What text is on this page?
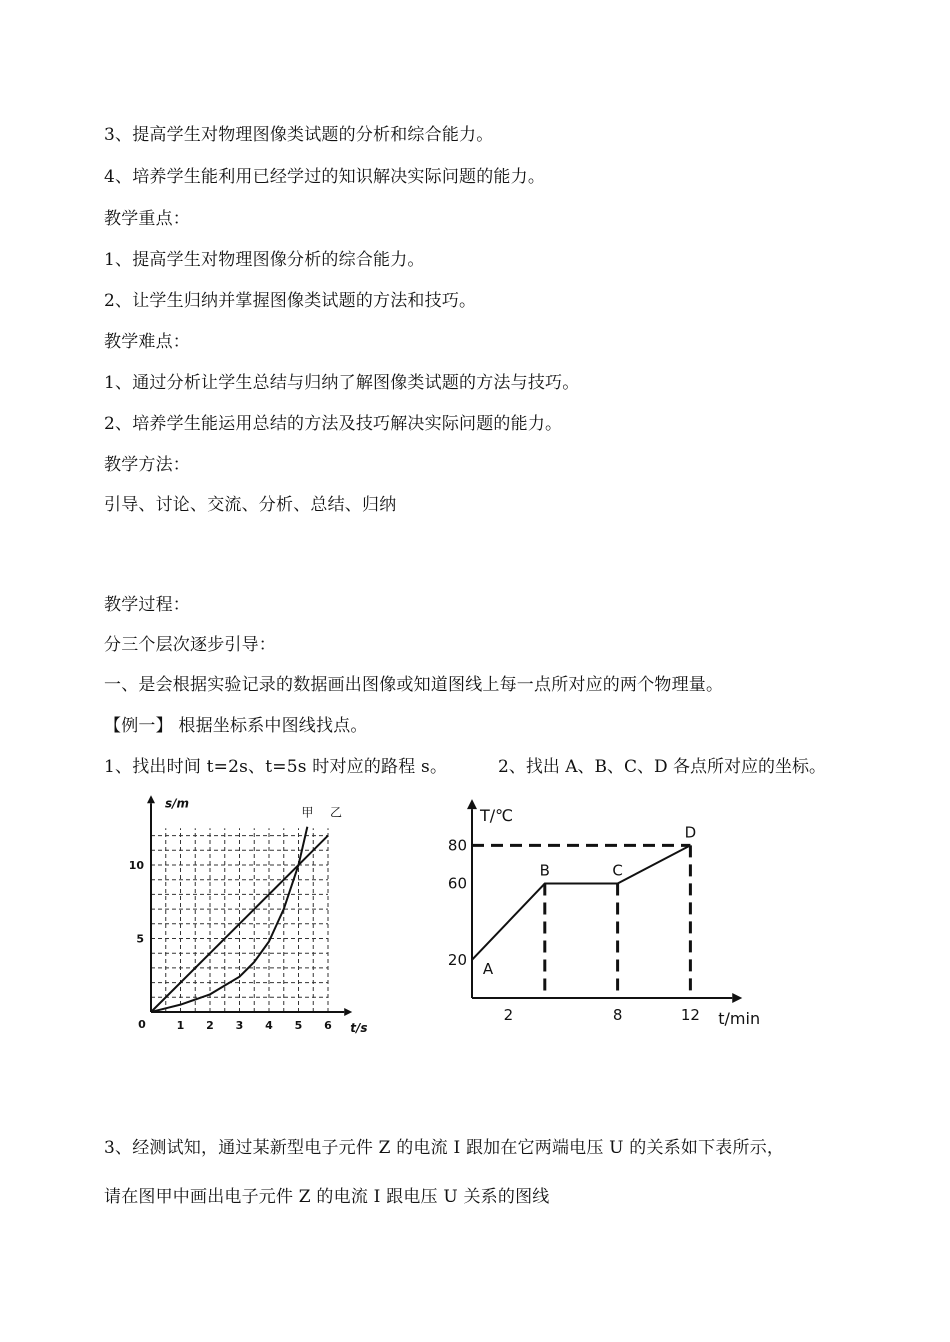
3、提高学生对物理图像类试题的分析和综合能力。
4、培养学生能利用已经学过的知识解决实际问题的能力。
教学重点：
1、提高学生对物理图像分析的综合能力。
2、让学生归纳并掌握图像类试题的方法和技巧。
教学难点：
1、通过分析让学生总结与归纳了解图像类试题的方法与技巧。
2、培养学生能运用总结的方法及技巧解决实际问题的能力。
教学方法：
引导、讨论、交流、分析、总结、归纳
教学过程：
分三个层次逐步引导：
一、是会根据实验记录的数据画出图像或知道图线上每一点所对应的两个物理量。
【例一】 根据坐标系中图线找点。
1、找出时间 t=2s、t=5s 时对应的路程 s。	2、找出 A、B、C、D 各点所对应的坐标。
甲 乙
s/m
t/s
0	1 2 3 4 5 6
5
10
A
B	C
D
T/℃
t/min
2	8	12
20
60
80
3、经测试知，通过某新型电子元件 Z 的电流 I 跟加在它两端电压 U 的关系如下表所示，
请在图甲中画出电子元件 Z 的电流 I 跟电压 U 关系的图线
